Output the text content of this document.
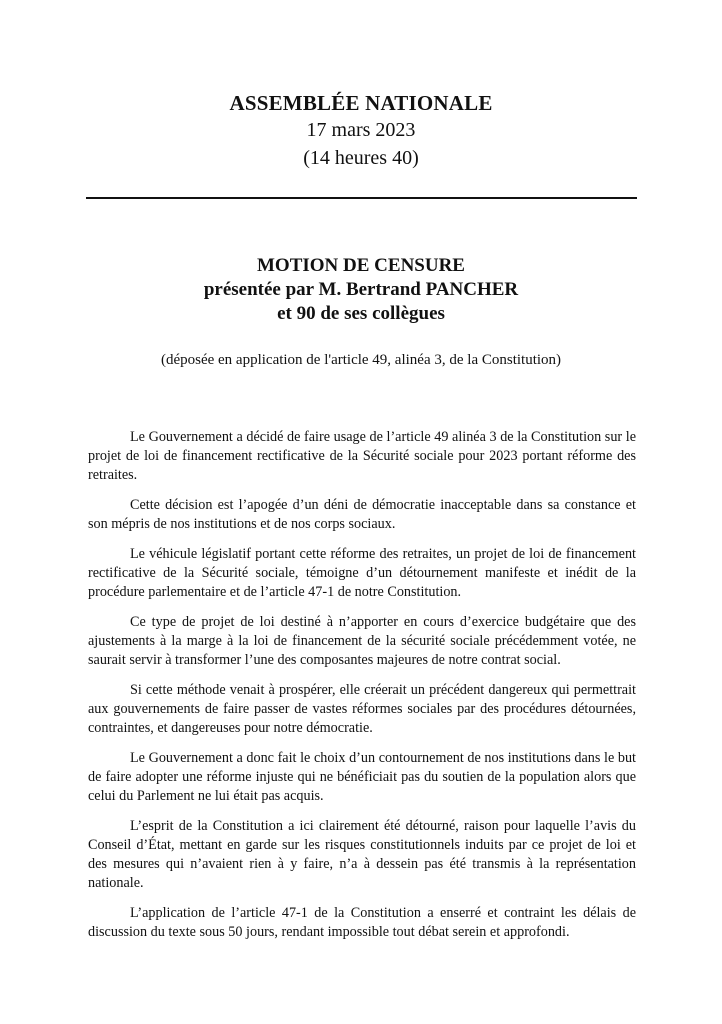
ASSEMBLÉE NATIONALE
17 mars 2023
(14 heures 40)
MOTION DE CENSURE
présentée par M. Bertrand PANCHER
et 90 de ses collègues
(déposée en application de l'article 49, alinéa 3, de la Constitution)

Le Gouvernement a décidé de faire usage de l’article 49 alinéa 3 de la Constitution sur le projet de loi de financement rectificative de la Sécurité sociale pour 2023 portant réforme des retraites.

Cette décision est l’apogée d’un déni de démocratie inacceptable dans sa constance et son mépris de nos institutions et de nos corps sociaux.

Le véhicule législatif portant cette réforme des retraites, un projet de loi de financement rectificative de la Sécurité sociale, témoigne d’un détournement manifeste et inédit de la procédure parlementaire et de l’article 47-1 de notre Constitution.

Ce type de projet de loi destiné à n’apporter en cours d’exercice budgétaire que des ajustements à la marge à la loi de financement de la sécurité sociale précédemment votée, ne saurait servir à transformer l’une des composantes majeures de notre contrat social.

Si cette méthode venait à prospérer, elle créerait un précédent dangereux qui permettrait aux gouvernements de faire passer de vastes réformes sociales par des procédures détournées, contraintes, et dangereuses pour notre démocratie.

Le Gouvernement a donc fait le choix d’un contournement de nos institutions dans le but de faire adopter une réforme injuste qui ne bénéficiait pas du soutien de la population alors que celui du Parlement ne lui était pas acquis.

L’esprit de la Constitution a ici clairement été détourné, raison pour laquelle l’avis du Conseil d’État, mettant en garde sur les risques constitutionnels induits par ce projet de loi et des mesures qui n’avaient rien à y faire, n’a à dessein pas été transmis à la représentation nationale.

L’application de l’article 47-1 de la Constitution a enserré et contraint les délais de discussion du texte sous 50 jours, rendant impossible tout débat serein et approfondi.
